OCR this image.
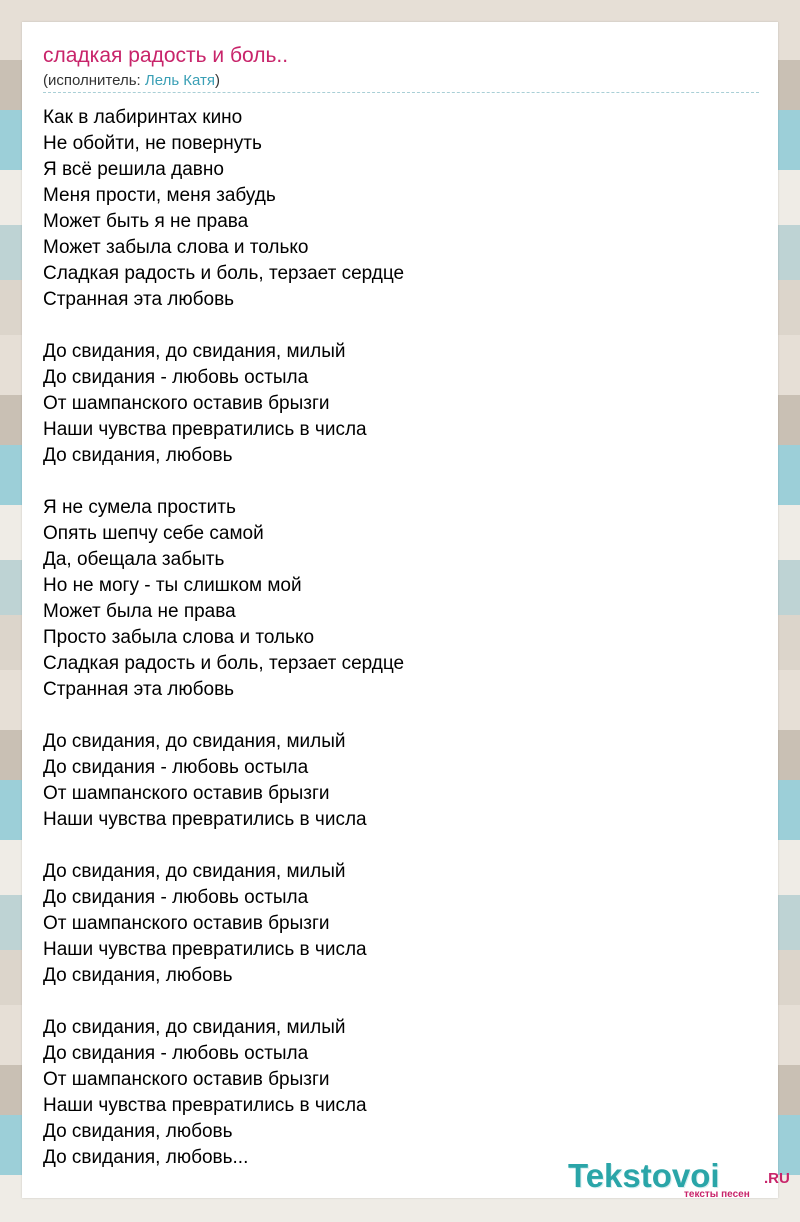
сладкая радость и боль..
(исполнитель: Лель Катя)
Как в лабиринтах кино
Не обойти, не повернуть
Я всё решила давно
Меня прости, меня забудь
Может быть я не права
Может забыла слова и только
Сладкая радость и боль, терзает сердце
Странная эта любовь
До свидания, до свидания, милый
До свидания - любовь остыла
От шампанского оставив брызги
Наши чувства превратились в числа
До свидания, любовь
Я не сумела простить
Опять шепчу себе самой
Да, обещала забыть
Но не могу - ты слишком мой
Может была не права
Просто забыла слова и только
Сладкая радость и боль, терзает сердце
Странная эта любовь
До свидания, до свидания, милый
До свидания - любовь остыла
От шампанского оставив брызги
Наши чувства превратились в числа
До свидания, до свидания, милый
До свидания - любовь остыла
От шампанского оставив брызги
Наши чувства превратились в числа
До свидания, любовь
До свидания, до свидания, милый
До свидания - любовь остыла
От шампанского оставив брызги
Наши чувства превратились в числа
До свидания, любовь
До свидания, любовь...	Tekstovoi	.RU
тексты песен
